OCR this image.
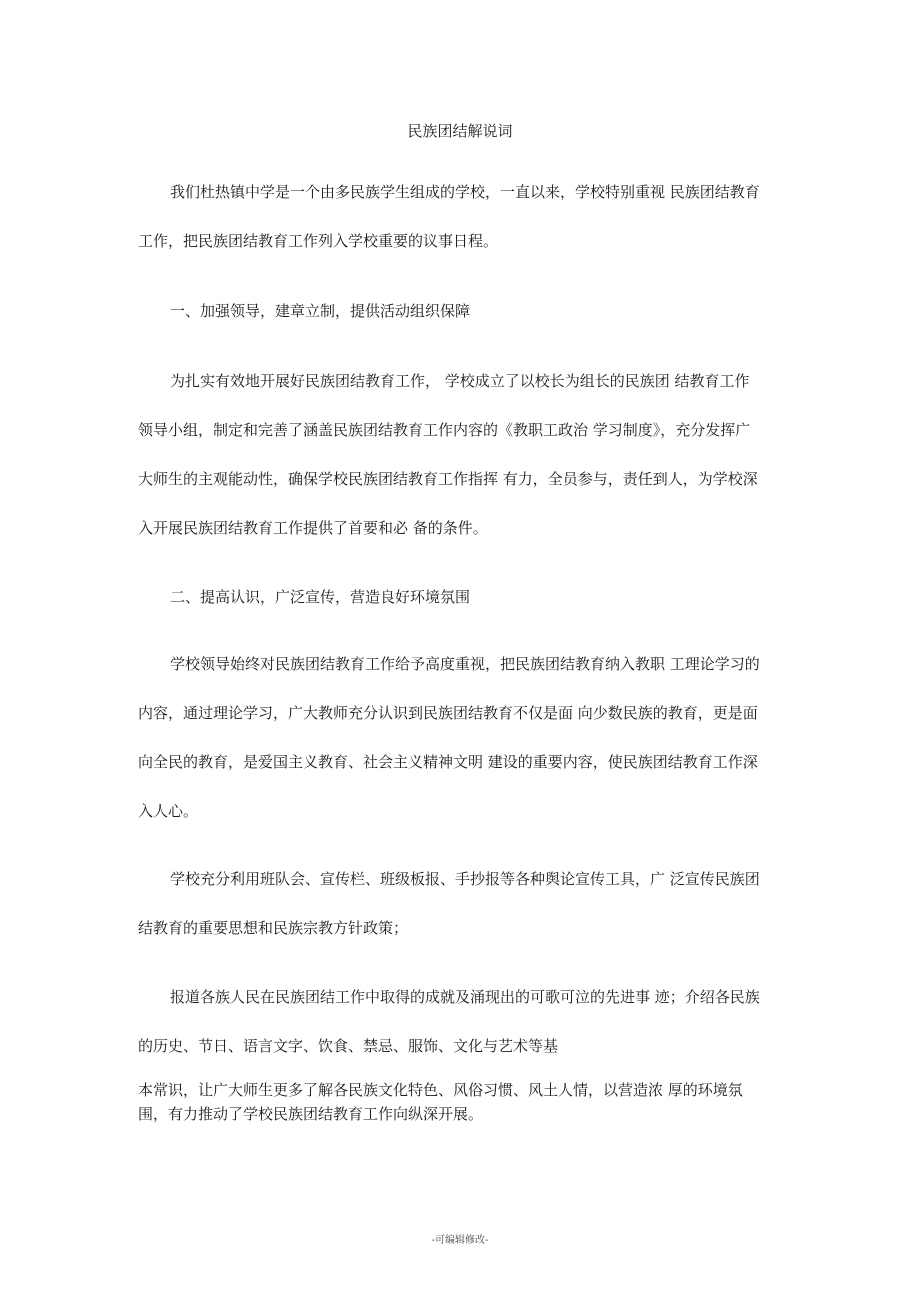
民族团结解说词

我们杜热镇中学是一个由多民族学生组成的学校，一直以来，学校特别重视 民族团结教育

工作，把民族团结教育工作列入学校重要的议事日程。

一、加强领导，建章立制，提供活动组织保障

为扎实有效地开展好民族团结教育工作， 学校成立了以校长为组长的民族团 结教育工作

领导小组，制定和完善了涵盖民族团结教育工作内容的《教职工政治 学习制度》，充分发挥广

大师生的主观能动性，确保学校民族团结教育工作指挥 有力，全员参与，责任到人，为学校深

入开展民族团结教育工作提供了首要和必 备的条件。

二、提高认识，广泛宣传，营造良好环境氛围

学校领导始终对民族团结教育工作给予高度重视，把民族团结教育纳入教职 工理论学习的

内容，通过理论学习，广大教师充分认识到民族团结教育不仅是面 向少数民族的教育，更是面

向全民的教育，是爱国主义教育、社会主义精神文明 建设的重要内容，使民族团结教育工作深

入人心。

学校充分利用班队会、宣传栏、班级板报、手抄报等各种舆论宣传工具，广 泛宣传民族团

结教育的重要思想和民族宗教方针政策；

报道各族人民在民族团结工作中取得的成就及涌现出的可歌可泣的先进事 迹；介绍各民族

的历史、节日、语言文字、饮食、禁忌、服饰、文化与艺术等基

本常识，让广大师生更多了解各民族文化特色、风俗习惯、风土人情，以营造浓 厚的环境氛

围，有力推动了学校民族团结教育工作向纵深开展。

-可编辑修改-
